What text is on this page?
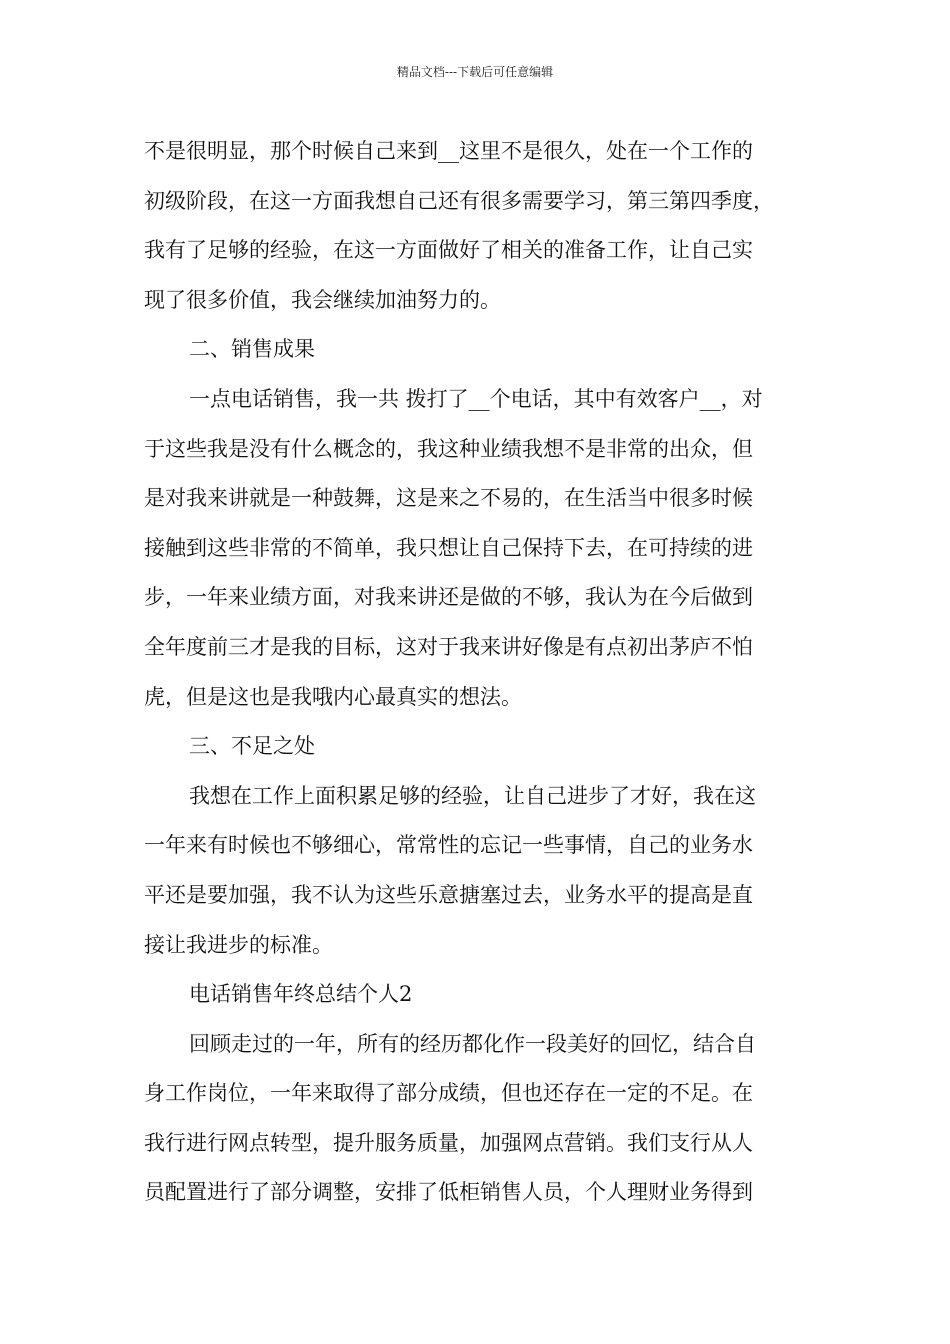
精品文档---下载后可任意编辑
不是很明显，那个时候自己来到__这里不是很久，处在一个工作的
初级阶段，在这一方面我想自己还有很多需要学习，第三第四季度，
我有了足够的经验，在这一方面做好了相关的准备工作，让自己实
现了很多价值，我会继续加油努力的。
二、销售成果
一点电话销售，我一共 拨打了__个电话，其中有效客户__，对
于这些我是没有什么概念的，我这种业绩我想不是非常的出众，但
是对我来讲就是一种鼓舞，这是来之不易的，在生活当中很多时候
接触到这些非常的不简单，我只想让自己保持下去，在可持续的进
步，一年来业绩方面，对我来讲还是做的不够，我认为在今后做到
全年度前三才是我的目标，这对于我来讲好像是有点初出茅庐不怕
虎，但是这也是我哦内心最真实的想法。
三、不足之处
我想在工作上面积累足够的经验，让自己进步了才好，我在这
一年来有时候也不够细心，常常性的忘记一些事情，自己的业务水
平还是要加强，我不认为这些乐意搪塞过去，业务水平的提高是直
接让我进步的标准。
电话销售年终总结个人2
回顾走过的一年，所有的经历都化作一段美好的回忆，结合自
身工作岗位，一年来取得了部分成绩，但也还存在一定的不足。在
我行进行网点转型，提升服务质量，加强网点营销。我们支行从人
员配置进行了部分调整，安排了低柜销售人员，个人理财业务得到
